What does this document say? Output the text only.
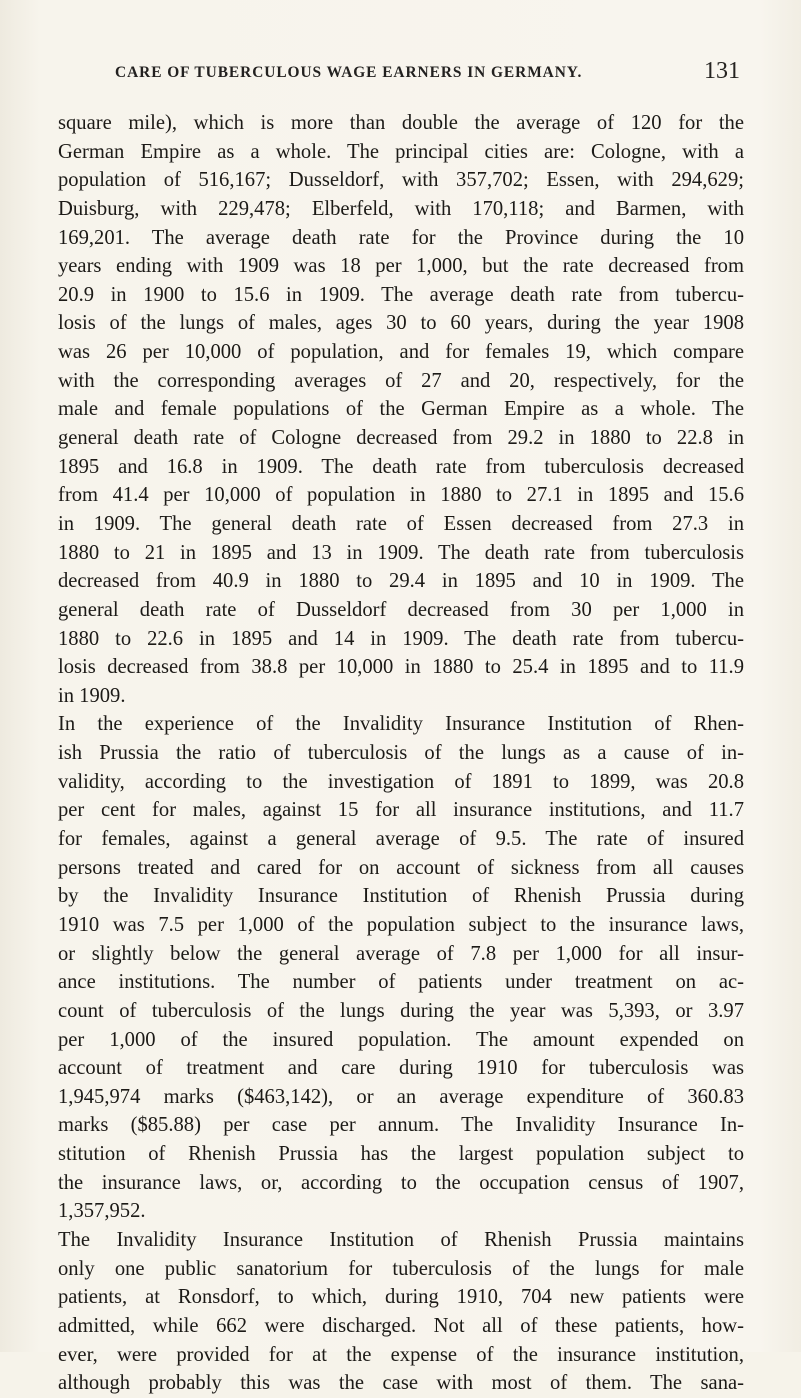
CARE OF TUBERCULOUS WAGE EARNERS IN GERMANY.	131
square mile), which is more than double the average of 120 for the
German Empire as a whole. The principal cities are: Cologne, with a
population of 516,167; Dusseldorf, with 357,702; Essen, with 294,629;
Duisburg, with 229,478; Elberfeld, with 170,118; and Barmen, with
169,201. The average death rate for the Province during the 10
years ending with 1909 was 18 per 1,000, but the rate decreased from
20.9 in 1900 to 15.6 in 1909. The average death rate from tubercu-
losis of the lungs of males, ages 30 to 60 years, during the year 1908
was 26 per 10,000 of population, and for females 19, which compare
with the corresponding averages of 27 and 20, respectively, for the
male and female populations of the German Empire as a whole. The
general death rate of Cologne decreased from 29.2 in 1880 to 22.8 in
1895 and 16.8 in 1909. The death rate from tuberculosis decreased
from 41.4 per 10,000 of population in 1880 to 27.1 in 1895 and 15.6
in 1909. The general death rate of Essen decreased from 27.3 in
1880 to 21 in 1895 and 13 in 1909. The death rate from tuberculosis
decreased from 40.9 in 1880 to 29.4 in 1895 and 10 in 1909. The
general death rate of Dusseldorf decreased from 30 per 1,000 in
1880 to 22.6 in 1895 and 14 in 1909. The death rate from tubercu-
losis decreased from 38.8 per 10,000 in 1880 to 25.4 in 1895 and to 11.9
in 1909.
In the experience of the Invalidity Insurance Institution of Rhen-
ish Prussia the ratio of tuberculosis of the lungs as a cause of in-
validity, according to the investigation of 1891 to 1899, was 20.8
per cent for males, against 15 for all insurance institutions, and 11.7
for females, against a general average of 9.5. The rate of insured
persons treated and cared for on account of sickness from all causes
by the Invalidity Insurance Institution of Rhenish Prussia during
1910 was 7.5 per 1,000 of the population subject to the insurance laws,
or slightly below the general average of 7.8 per 1,000 for all insur-
ance institutions. The number of patients under treatment on ac-
count of tuberculosis of the lungs during the year was 5,393, or 3.97
per 1,000 of the insured population. The amount expended on
account of treatment and care during 1910 for tuberculosis was
1,945,974 marks ($463,142), or an average expenditure of 360.83
marks ($85.88) per case per annum. The Invalidity Insurance In-
stitution of Rhenish Prussia has the largest population subject to
the insurance laws, or, according to the occupation census of 1907,
1,357,952.
The Invalidity Insurance Institution of Rhenish Prussia maintains
only one public sanatorium for tuberculosis of the lungs for male
patients, at Ronsdorf, to which, during 1910, 704 new patients were
admitted, while 662 were discharged. Not all of these patients, how-
ever, were provided for at the expense of the insurance institution,
although probably this was the case with most of them. The sana-
